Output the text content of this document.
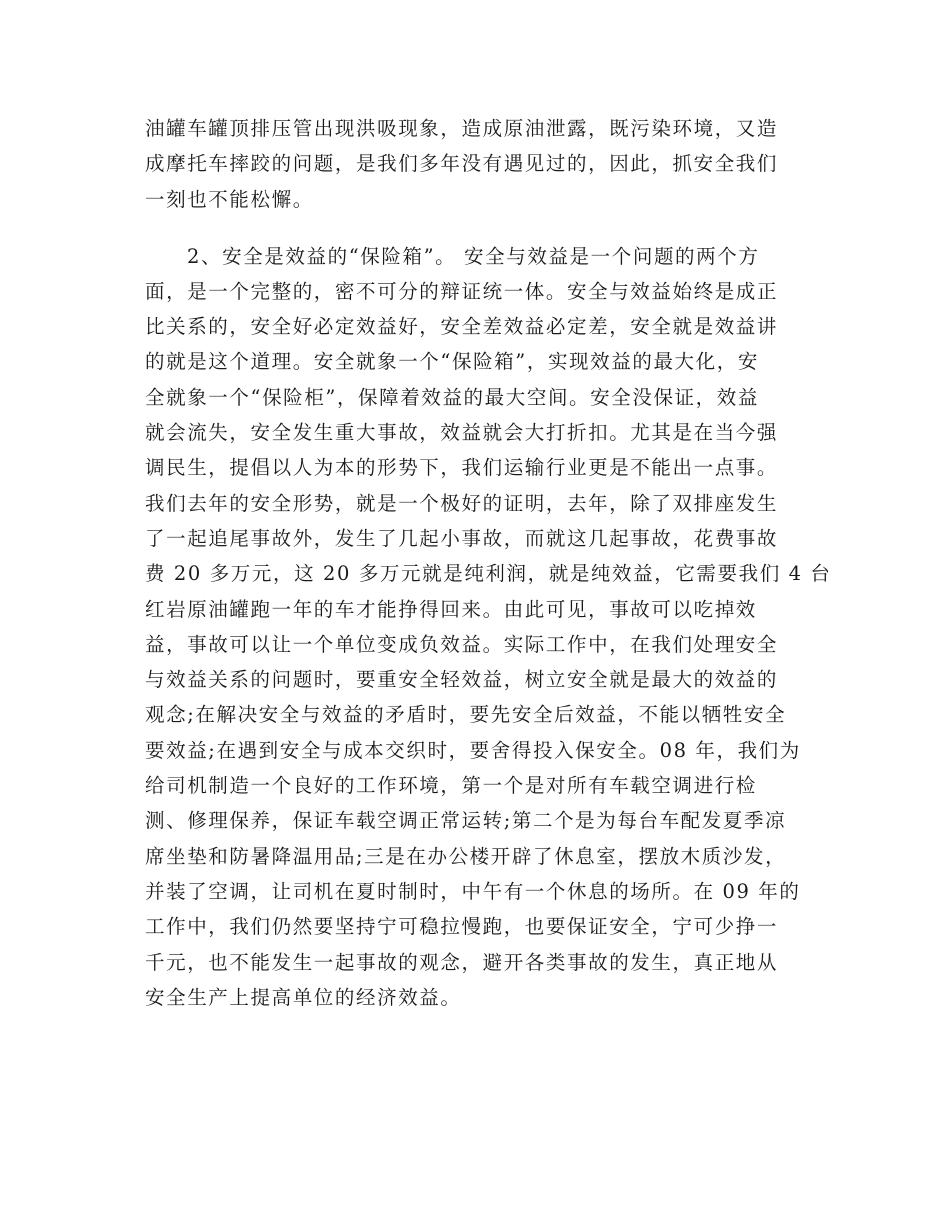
油罐车罐顶排压管出现洪吸现象，造成原油泄露，既污染环境，又造
成摩托车摔跤的问题，是我们多年没有遇见过的，因此，抓安全我们
一刻也不能松懈。
2、安全是效益的“保险箱”。 安全与效益是一个问题的两个方
面，是一个完整的，密不可分的辩证统一体。安全与效益始终是成正
比关系的，安全好必定效益好，安全差效益必定差，安全就是效益讲
的就是这个道理。安全就象一个“保险箱”，实现效益的最大化，安
全就象一个“保险柜”，保障着效益的最大空间。安全没保证，效益
就会流失，安全发生重大事故，效益就会大打折扣。尤其是在当今强
调民生，提倡以人为本的形势下，我们运输行业更是不能出一点事。
我们去年的安全形势，就是一个极好的证明，去年，除了双排座发生
了一起追尾事故外，发生了几起小事故，而就这几起事故，花费事故
费 20 多万元，这 20 多万元就是纯利润，就是纯效益，它需要我们 4 台
红岩原油罐跑一年的车才能挣得回来。由此可见，事故可以吃掉效
益，事故可以让一个单位变成负效益。实际工作中，在我们处理安全
与效益关系的问题时，要重安全轻效益，树立安全就是最大的效益的
观念;在解决安全与效益的矛盾时，要先安全后效益，不能以牺牲安全
要效益;在遇到安全与成本交织时，要舍得投入保安全。08 年，我们为
给司机制造一个良好的工作环境，第一个是对所有车载空调进行检
测、修理保养，保证车载空调正常运转;第二个是为每台车配发夏季凉
席坐垫和防暑降温用品;三是在办公楼开辟了休息室，摆放木质沙发，
并装了空调，让司机在夏时制时，中午有一个休息的场所。在 09 年的
工作中，我们仍然要坚持宁可稳拉慢跑，也要保证安全，宁可少挣一
千元，也不能发生一起事故的观念，避开各类事故的发生，真正地从
安全生产上提高单位的经济效益。
